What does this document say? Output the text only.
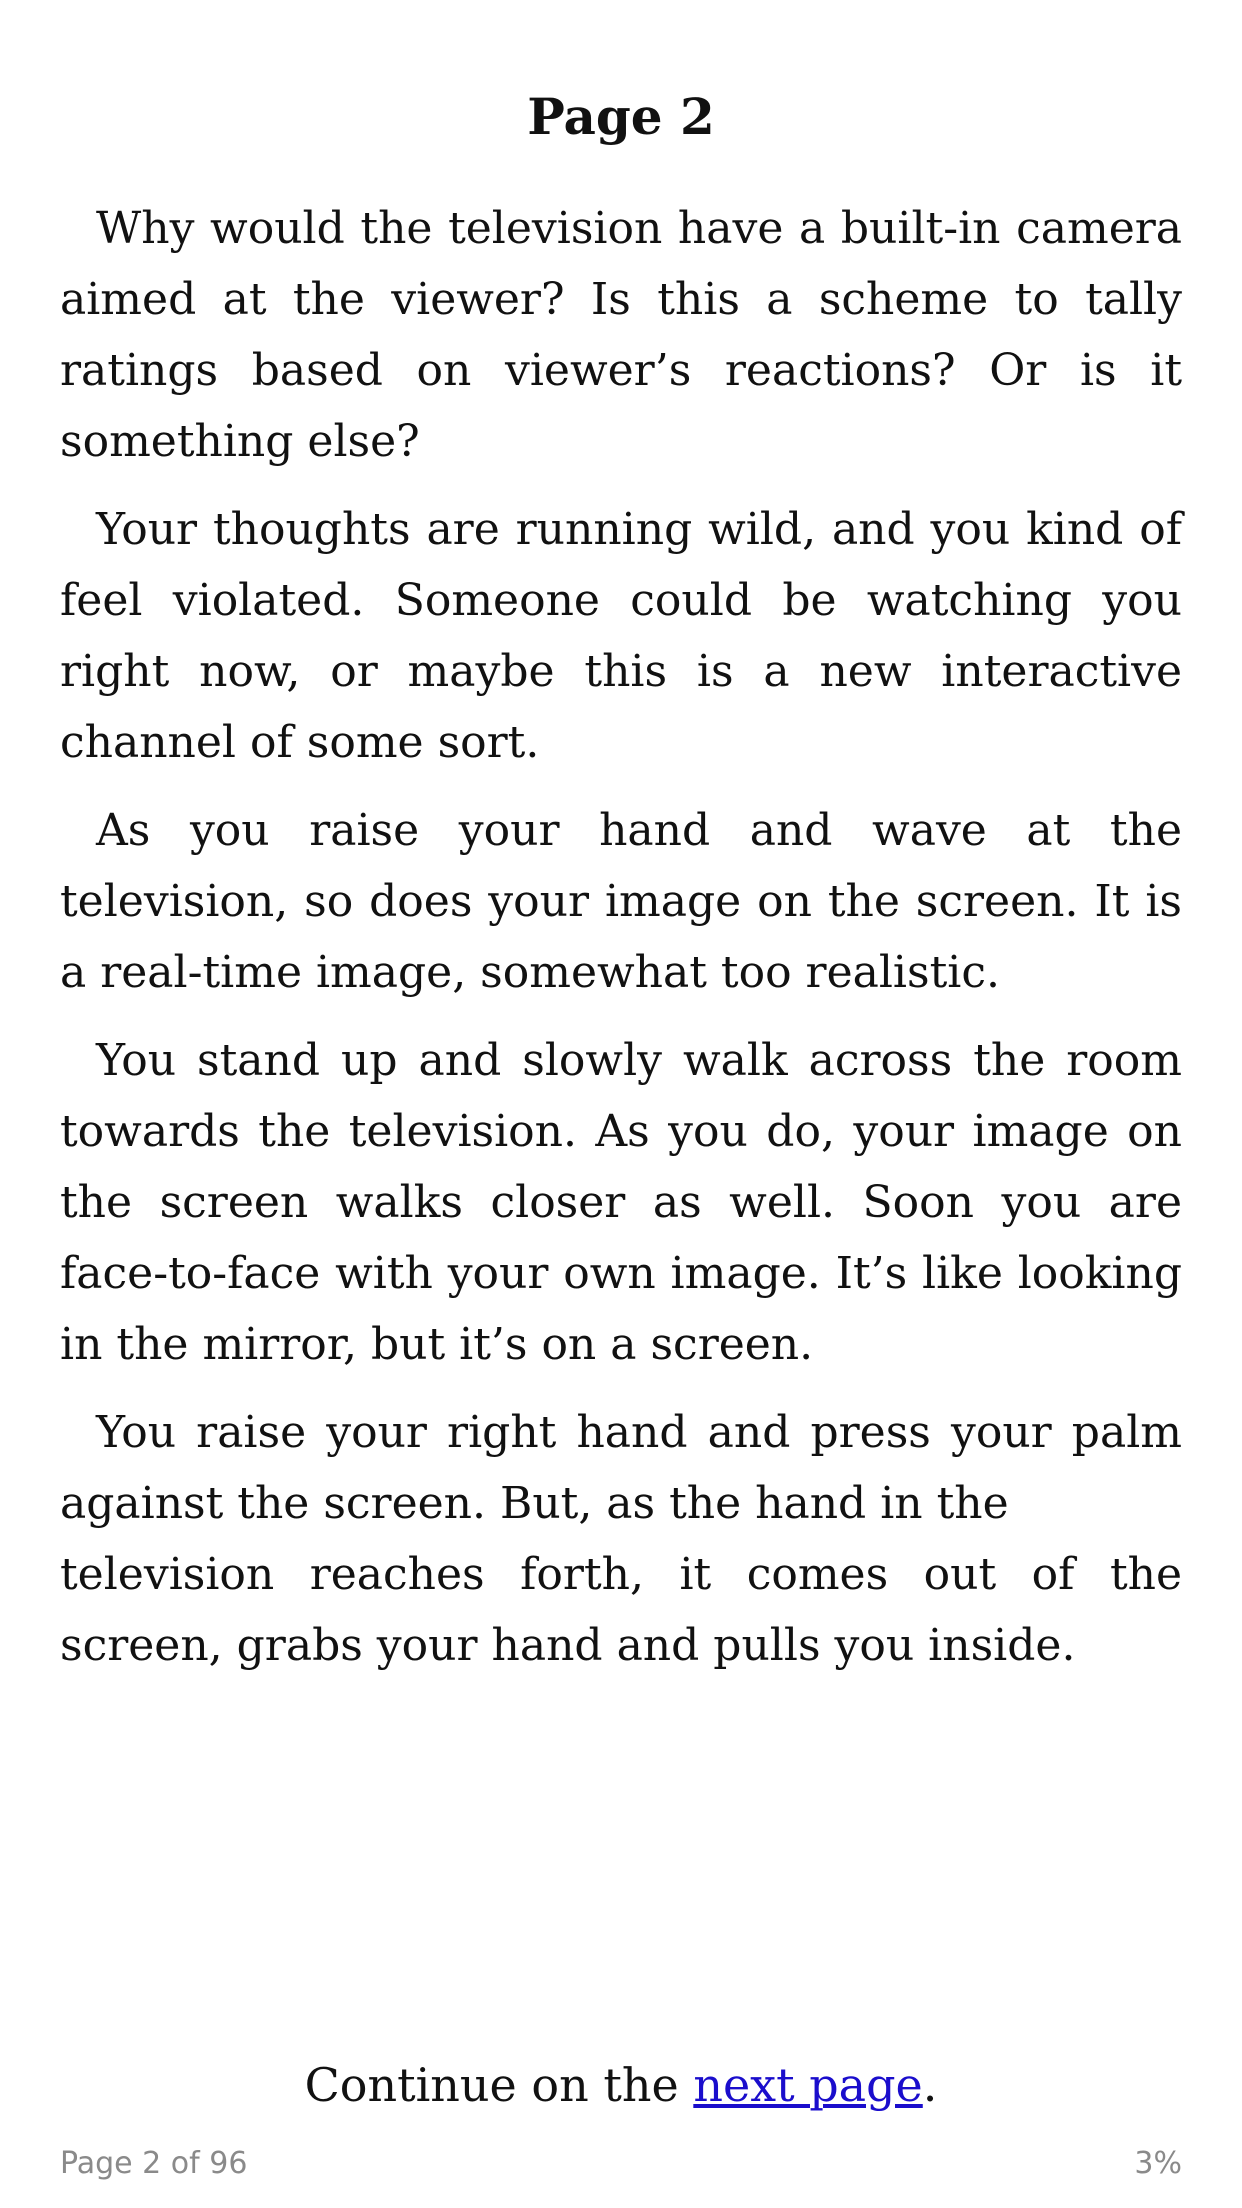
Page 2

Why would the television have a built-in camera aimed at the viewer? Is this a scheme to tally ratings based on viewer’s reactions? Or is it something else?

Your thoughts are running wild, and you kind of feel violated. Someone could be watching you right now, or maybe this is a new interactive channel of some sort.

As you raise your hand and wave at the television, so does your image on the screen. It is a real-time image, somewhat too realistic.

You stand up and slowly walk across the room towards the television. As you do, your image on the screen walks closer as well. Soon you are face-to-face with your own image. It’s like looking in the mirror, but it’s on a screen.

You raise your right hand and press your palm against the screen. But, as the hand in the
television reaches forth, it comes out of the screen, grabs your hand and pulls you inside.

Continue on the next page.

Page 2 of 96	3%
